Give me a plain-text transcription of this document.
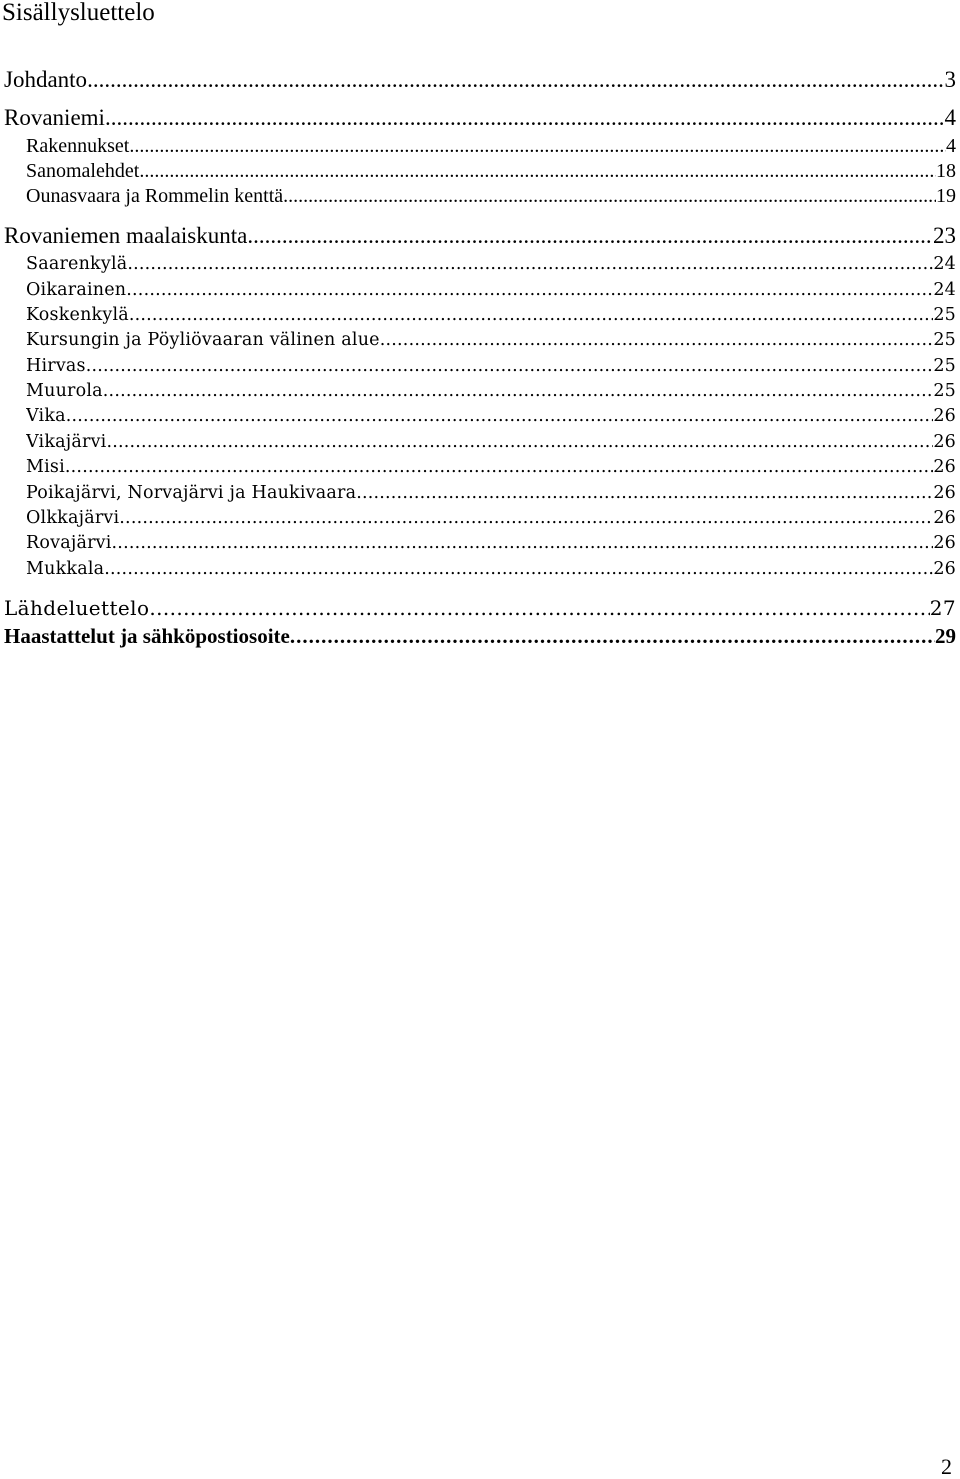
Sisällysluettelo
Johdanto .....	3
Rovaniemi .....	4
Rakennukset .....	4
Sanomalehdet .....	18
Ounasvaara ja Rommelin kenttä .....	19
Rovaniemen maalaiskunta .....	23
Saarenkylä .....	24
Oikarainen .....	24
Koskenkylä .....	25
Kursungin ja Pöyliövaaran välinen alue .....	25
Hirvas .....	25
Muurola .....	25
Vika .....	26
Vikajärvi .....	26
Misi .....	26
Poikajärvi, Norvajärvi ja Haukivaara .....	26
Olkkajärvi .....	26
Rovajärvi .....	26
Mukkala .....	26
Lähdeluettelo .....	27
Haastattelut ja sähköpostiosoite .....	29
2
